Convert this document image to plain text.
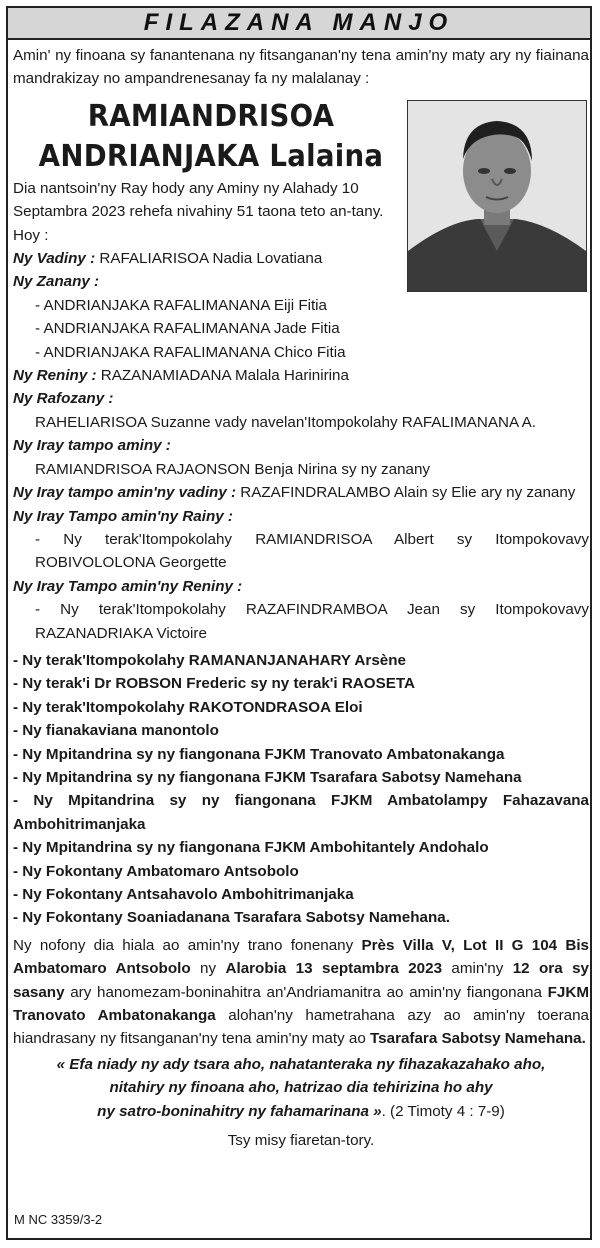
FILAZANA MANJO

Amin' ny finoana sy fanantenana ny fitsanganan'ny tena amin'ny maty ary ny fiainana mandrakizay no ampandrenesanay fa ny malalanay :

RAMIANDRISOA
ANDRIANJAKA Lalaina
Dia nantsoin'ny Ray hody any Aminy ny Alahady 10
Septambra 2023 rehefa nivahiny 51 taona teto an-tany.
Hoy :
Ny Vadiny : RAFALIARISOA Nadia Lovatiana
Ny Zanany :
- ANDRIANJAKA RAFALIMANANA Eiji Fitia
- ANDRIANJAKA RAFALIMANANA Jade Fitia
- ANDRIANJAKA RAFALIMANANA Chico Fitia
Ny Reniny : RAZANAMIADANA Malala Harinirina
Ny Rafozany :
RAHELIARISOA Suzanne vady navelan'Itompokolahy RAFALIMANANA A.
Ny Iray tampo aminy :
RAMIANDRISOA RAJAONSON Benja Nirina sy ny zanany
Ny Iray tampo amin'ny vadiny : RAZAFINDRALAMBO Alain sy Elie ary ny zanany
Ny Iray Tampo amin'ny Rainy :
- Ny terak'Itompokolahy RAMIANDRISOA Albert sy Itompokovavy ROBIVOLOLONA Georgette
Ny Iray Tampo amin'ny Reniny :
- Ny terak'Itompokolahy RAZAFINDRAMBOA Jean sy Itompokovavy RAZANADRIAKA Victoire
- Ny terak'Itompokolahy RAMANANJANAHARY Arsène
- Ny terak'i Dr ROBSON Frederic sy ny terak'i RAOSETA
- Ny terak'Itompokolahy RAKOTONDRASOA Eloi
- Ny fianakaviana manontolo
- Ny Mpitandrina sy ny fiangonana FJKM Tranovato Ambatonakanga
- Ny Mpitandrina sy ny fiangonana FJKM Tsarafara Sabotsy Namehana
- Ny Mpitandrina sy ny fiangonana FJKM Ambatolampy Fahazavana Ambohitrimanjaka
- Ny Mpitandrina sy ny fiangonana FJKM Ambohitantely Andohalo
- Ny Fokontany Ambatomaro Antsobolo
- Ny Fokontany Antsahavolo Ambohitrimanjaka
- Ny Fokontany Soaniadanana Tsarafara Sabotsy Namehana.
Ny nofony dia hiala ao amin'ny trano fonenany Près Villa V, Lot II G 104 Bis Ambatomaro Antsobolo ny Alarobia 13 septambra 2023 amin'ny 12 ora sy sasany ary hanomezam-boninahitra an'Andriamanitra ao amin'ny fiangonana FJKM Tranovato Ambatonakanga alohan'ny hametrahana azy ao amin'ny toerana hiandrasany ny fitsanganan'ny tena amin'ny maty ao Tsarafara Sabotsy Namehana.
« Efa niady ny ady tsara aho, nahatanteraka ny fihazakazahako aho,
nitahiry ny finoana aho, hatrizao dia tehirizina ho ahy
ny satro-boninahitry ny fahamarinana ». (2 Timoty 4 : 7-9)
Tsy misy fiaretan-tory.
M NC 3359/3-2
